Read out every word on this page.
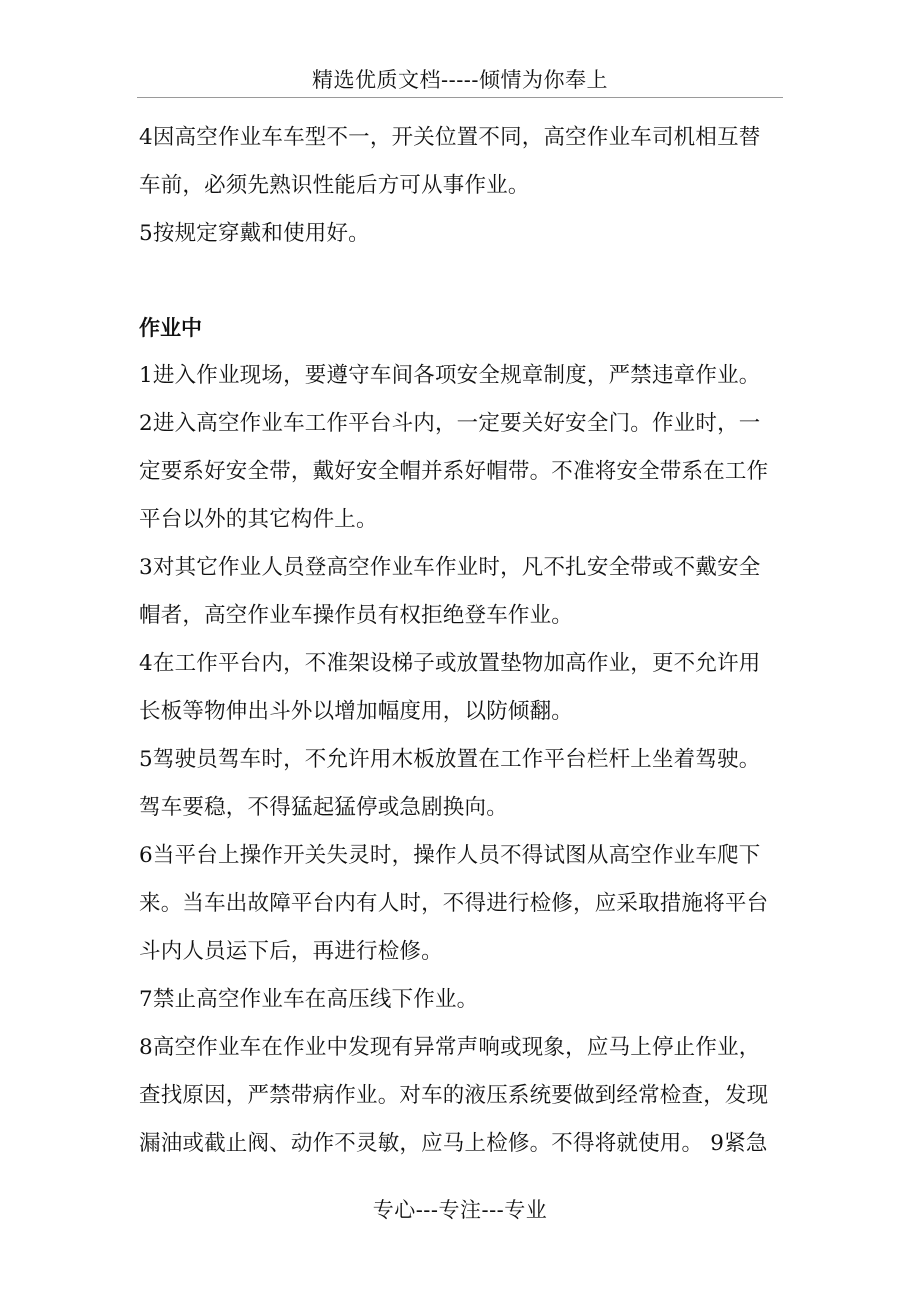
精选优质文档-----倾情为你奉上

4因高空作业车车型不一，开关位置不同，高空作业车司机相互替车前，必须先熟识性能后方可从事作业。

5按规定穿戴和使用好。

作业中

1进入作业现场，要遵守车间各项安全规章制度，严禁违章作业。

2进入高空作业车工作平台斗内，一定要关好安全门。作业时，一定要系好安全带，戴好安全帽并系好帽带。不准将安全带系在工作平台以外的其它构件上。

3对其它作业人员登高空作业车作业时，凡不扎安全带或不戴安全帽者，高空作业车操作员有权拒绝登车作业。

4在工作平台内，不准架设梯子或放置垫物加高作业，更不允许用长板等物伸出斗外以增加幅度用，以防倾翻。

5驾驶员驾车时，不允许用木板放置在工作平台栏杆上坐着驾驶。驾车要稳，不得猛起猛停或急剧换向。

6当平台上操作开关失灵时，操作人员不得试图从高空作业车爬下来。当车出故障平台内有人时，不得进行检修，应采取措施将平台斗内人员运下后，再进行检修。

7禁止高空作业车在高压线下作业。

8高空作业车在作业中发现有异常声响或现象，应马上停止作业，查找原因，严禁带病作业。对车的液压系统要做到经常检查，发现漏油或截止阀、动作不灵敏，应马上检修。不得将就使用。 9紧急

专心---专注---专业
